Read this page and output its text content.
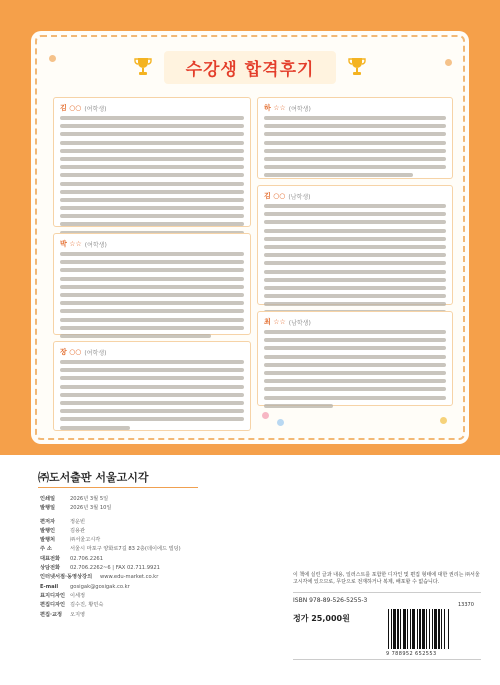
수강생 합격후기
김 ○○ (여학생)
박 ☆☆ (여학생)
장 ○○ (여학생)
하 ☆☆ (여학생)
김 ○○ (남학생)
최 ☆☆ (남학생)
㈜도서출판 서울고시각
인쇄일	2026년 3월 5일
발행일	2026년 3월 10일
편저자	정운빈
발행인	김용관
발행처	㈜서울고시각
주 소	서울시 마포구 양화로7길 83 2층(데이에드 빌딩)
대표전화	02.706.2261
상담전화	02.706.2262~6 | FAX 02.711.9921
인터넷서점·동영상강의	www.edu-market.co.kr
E-mail	gosigak@gosigak.co.kr
표지디자인 이세정
편집디자인 김수진, 황민숙
편집·교정	오지영
이 책에 실린 글과 내용, 일러스트를 포함한 디자인 및 편집 형태에 대한 권리는 ㈜서울고시각에 있으므로, 무단으로 전재하거나 복제, 배포할 수 없습니다.
ISBN 978-89-526-5255-3
정가 25,000원
13370
9 788952 652553
